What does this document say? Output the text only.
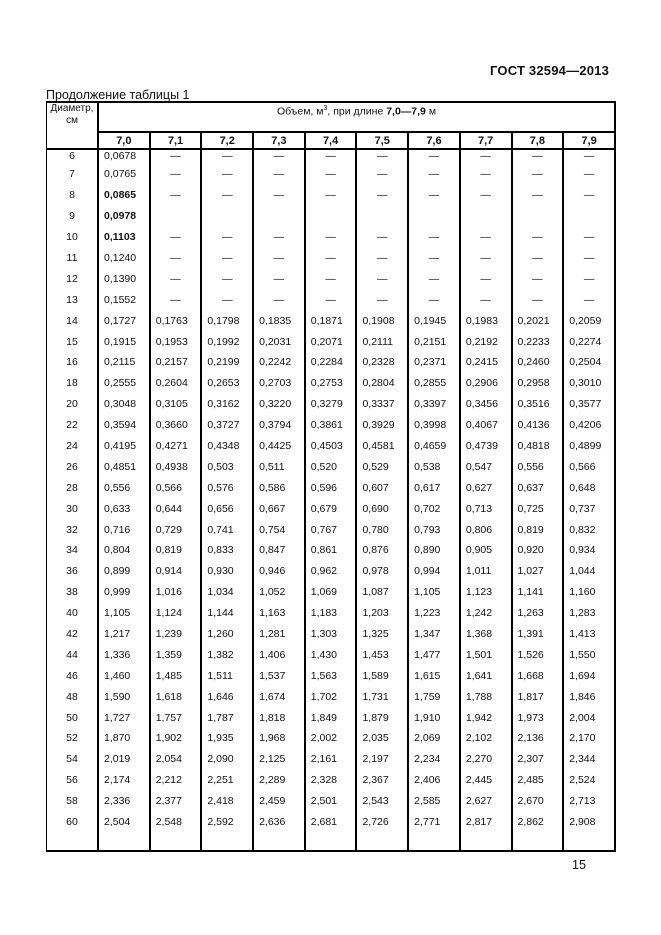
ГОСТ 32594—2013
Продолжение таблицы 1
Диаметр, см	Объем, $м^3$, при длине 7,0—7,9 м									
	7,0	7,1	7,2	7,3	7,4	7,5	7,6	7,7	7,8	7,9
6	0,0678	—	—	—	—	—	—	—	—	—
7	0,0765	—	—	—	—	—	—	—	—	—
8	0,0865	—	—	—	—	—	—	—	—	—
9	0,0978									
10	0,1103	—	—	—	—	—	—	—	—	—
11	0,1240	—	—	—	—	—	—	—	—	—
12	0,1390	—	—	—	—	—	—	—	—	—
13	0,1552	—	—	—	—	—	—	—	—	—
14	0,1727	0,1763	0,1798	0,1835	0,1871	0,1908	0,1945	0,1983	0,2021	0,2059
15	0,1915	0,1953	0,1992	0,2031	0,2071	0,2111	0,2151	0,2192	0,2233	0,2274
16	0,2115	0,2157	0,2199	0,2242	0,2284	0,2328	0,2371	0,2415	0,2460	0,2504
18	0,2555	0,2604	0,2653	0,2703	0,2753	0,2804	0,2855	0,2906	0,2958	0,3010
20	0,3048	0,3105	0,3162	0,3220	0,3279	0,3337	0,3397	0,3456	0,3516	0,3577
22	0,3594	0,3660	0,3727	0,3794	0,3861	0,3929	0,3998	0,4067	0,4136	0,4206
24	0,4195	0,4271	0,4348	0,4425	0,4503	0,4581	0,4659	0,4739	0,4818	0,4899
26	0,4851	0,4938	0,503	0,511	0,520	0,529	0,538	0,547	0,556	0,566
28	0,556	0,566	0,576	0,586	0,596	0,607	0,617	0,627	0,637	0,648
30	0,633	0,644	0,656	0,667	0,679	0,690	0,702	0,713	0,725	0,737
32	0,716	0,729	0,741	0,754	0,767	0,780	0,793	0,806	0,819	0,832
34	0,804	0,819	0,833	0,847	0,861	0,876	0,890	0,905	0,920	0,934
36	0,899	0,914	0,930	0,946	0,962	0,978	0,994	1,011	1,027	1,044
38	0,999	1,016	1,034	1,052	1,069	1,087	1,105	1,123	1,141	1,160
40	1,105	1,124	1,144	1,163	1,183	1,203	1,223	1,242	1,263	1,283
42	1,217	1,239	1,260	1,281	1,303	1,325	1,347	1,368	1,391	1,413
44	1,336	1,359	1,382	1,406	1,430	1,453	1,477	1,501	1,526	1,550
46	1,460	1,485	1,511	1,537	1,563	1,589	1,615	1,641	1,668	1,694
48	1,590	1,618	1,646	1,674	1,702	1,731	1,759	1,788	1,817	1,846
50	1,727	1,757	1,787	1,818	1,849	1,879	1,910	1,942	1,973	2,004
52	1,870	1,902	1,935	1,968	2,002	2,035	2,069	2,102	2,136	2,170
54	2,019	2,054	2,090	2,125	2,161	2,197	2,234	2,270	2,307	2,344
56	2,174	2,212	2,251	2,289	2,328	2,367	2,406	2,445	2,485	2,524
58	2,336	2,377	2,418	2,459	2,501	2,543	2,585	2,627	2,670	2,713
60	2,504	2,548	2,592	2,636	2,681	2,726	2,771	2,817	2,862	2,908
15
